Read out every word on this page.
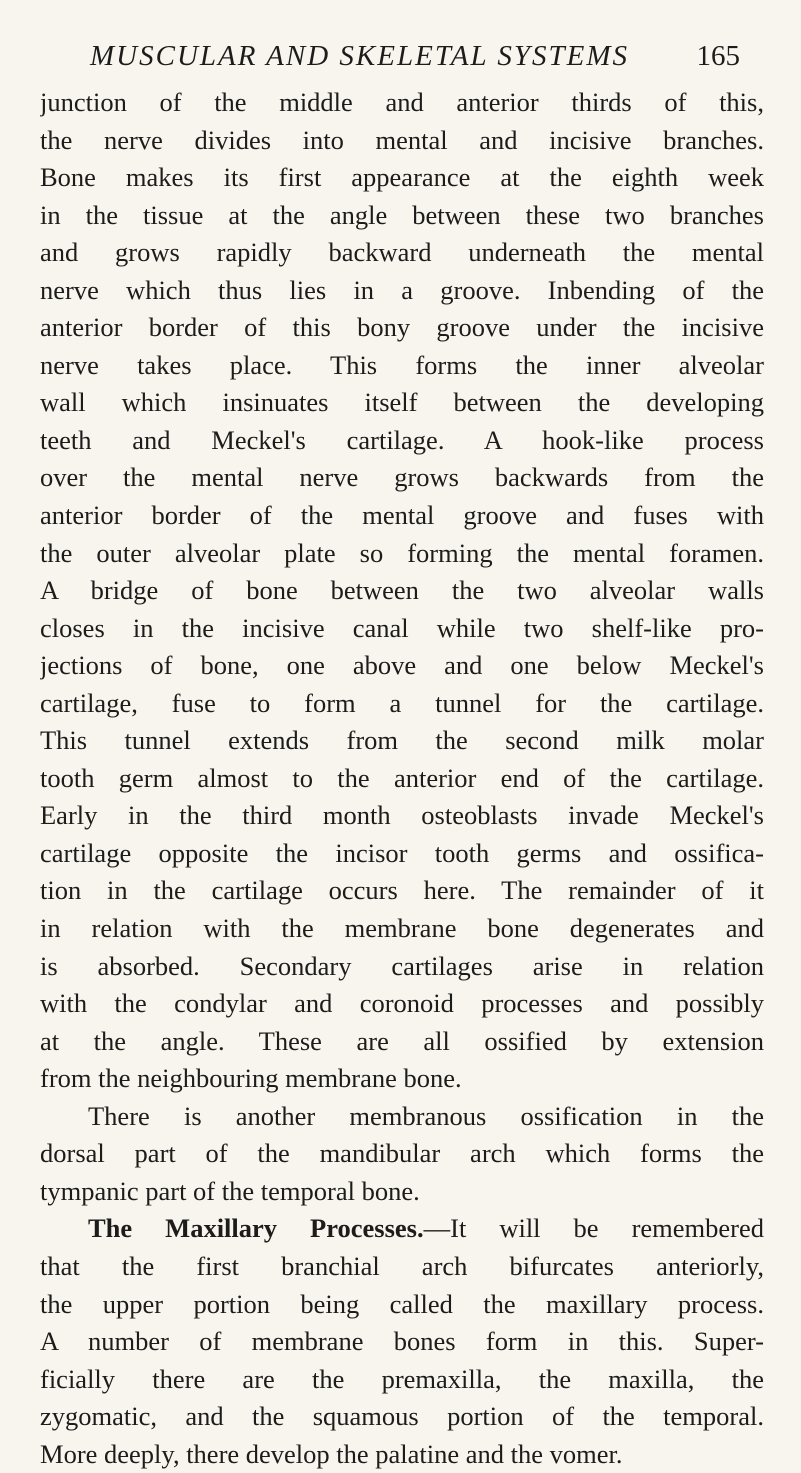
MUSCULAR AND SKELETAL SYSTEMS 165
junction of the middle and anterior thirds of this,
the nerve divides into mental and incisive branches.
Bone makes its first appearance at the eighth week
in the tissue at the angle between these two branches
and grows rapidly backward underneath the mental
nerve which thus lies in a groove. Inbending of the
anterior border of this bony groove under the incisive
nerve takes place. This forms the inner alveolar
wall which insinuates itself between the developing
teeth and Meckel's cartilage. A hook-like process
over the mental nerve grows backwards from the
anterior border of the mental groove and fuses with
the outer alveolar plate so forming the mental foramen.
A bridge of bone between the two alveolar walls
closes in the incisive canal while two shelf-like pro-
jections of bone, one above and one below Meckel's
cartilage, fuse to form a tunnel for the cartilage.
This tunnel extends from the second milk molar
tooth germ almost to the anterior end of the cartilage.
Early in the third month osteoblasts invade Meckel's
cartilage opposite the incisor tooth germs and ossifica-
tion in the cartilage occurs here. The remainder of it
in relation with the membrane bone degenerates and
is absorbed. Secondary cartilages arise in relation
with the condylar and coronoid processes and possibly
at the angle. These are all ossified by extension
from the neighbouring membrane bone.
There is another membranous ossification in the
dorsal part of the mandibular arch which forms the
tympanic part of the temporal bone.
The Maxillary Processes.—It will be remembered
that the first branchial arch bifurcates anteriorly,
the upper portion being called the maxillary process.
A number of membrane bones form in this. Super-
ficially there are the premaxilla, the maxilla, the
zygomatic, and the squamous portion of the temporal.
More deeply, there develop the palatine and the vomer.
